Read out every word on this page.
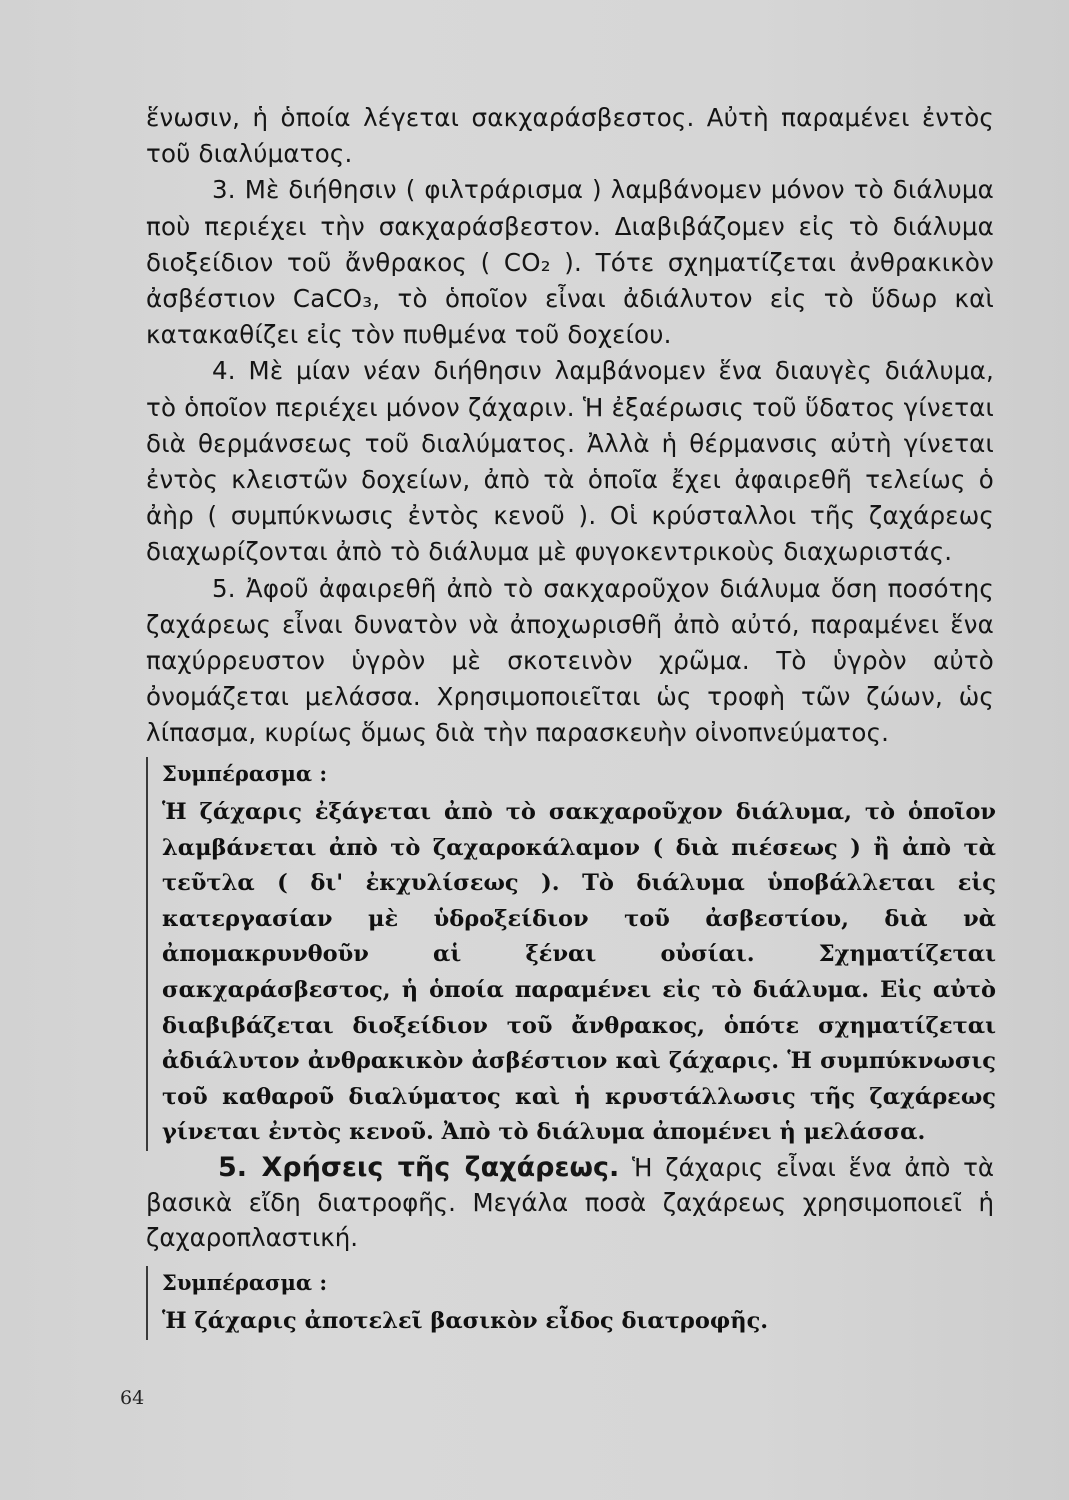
ἕνωσιν, ἡ ὁποία λέγεται σακχαράσβεστος. Αὐτὴ παραμένει ἐντὸς τοῦ διαλύματος.

3. Μὲ διήθησιν ( φιλτράρισμα ) λαμβάνομεν μόνον τὸ διάλυμα ποὺ περιέχει τὴν σακχαράσβεστον. Διαβιβάζομεν εἰς τὸ διάλυμα διοξείδιον τοῦ ἄνθρακος ( CO₂ ). Τότε σχηματίζεται ἀνθρακικὸν ἀσβέστιον CaCO₃, τὸ ὁποῖον εἶναι ἀδιάλυτον εἰς τὸ ὕδωρ καὶ κατακαθίζει εἰς τὸν πυθμένα τοῦ δοχείου.

4. Μὲ μίαν νέαν διήθησιν λαμβάνομεν ἕνα διαυγὲς διάλυμα, τὸ ὁποῖον περιέχει μόνον ζάχαριν. Ἡ ἐξαέρωσις τοῦ ὕδατος γίνεται διὰ θερμάνσεως τοῦ διαλύματος. Ἀλλὰ ἡ θέρμανσις αὐτὴ γίνεται ἐντὸς κλειστῶν δοχείων, ἀπὸ τὰ ὁποῖα ἔχει ἀφαιρεθῆ τελείως ὁ ἀὴρ ( συμπύκνωσις ἐντὸς κενοῦ ). Οἱ κρύσταλλοι τῆς ζαχάρεως διαχωρίζονται ἀπὸ τὸ διάλυμα μὲ φυγοκεντρικοὺς διαχωριστάς.

5. Ἀφοῦ ἀφαιρεθῆ ἀπὸ τὸ σακχαροῦχον διάλυμα ὅση ποσότης ζαχάρεως εἶναι δυνατὸν νὰ ἀποχωρισθῆ ἀπὸ αὐτό, παραμένει ἕνα παχύρρευστον ὑγρὸν μὲ σκοτεινὸν χρῶμα. Τὸ ὑγρὸν αὐτὸ ὀνομάζεται μελάσσα. Χρησιμοποιεῖται ὡς τροφὴ τῶν ζώων, ὡς λίπασμα, κυρίως ὅμως διὰ τὴν παρασκευὴν οἰνοπνεύματος.

Συμπέρασμα :

Ἡ ζάχαρις ἐξάγεται ἀπὸ τὸ σακχαροῦχον διάλυμα, τὸ ὁποῖον λαμβάνεται ἀπὸ τὸ ζαχαροκάλαμον ( διὰ πιέσεως ) ἢ ἀπὸ τὰ τεῦτλα ( δι' ἐκχυλίσεως ). Τὸ διάλυμα ὑποβάλλεται εἰς κατεργασίαν μὲ ὑδροξείδιον τοῦ ἀσβεστίου, διὰ νὰ ἀπομακρυνθοῦν αἱ ξέναι οὐσίαι. Σχηματίζεται σακχαράσβεστος, ἡ ὁποία παραμένει εἰς τὸ διάλυμα. Εἰς αὐτὸ διαβιβάζεται διοξείδιον τοῦ ἄνθρακος, ὁπότε σχηματίζεται ἀδιάλυτον ἀνθρακικὸν ἀσβέστιον καὶ ζάχαρις. Ἡ συμπύκνωσις τοῦ καθαροῦ διαλύματος καὶ ἡ κρυστάλλωσις τῆς ζαχάρεως γίνεται ἐντὸς κενοῦ. Ἀπὸ τὸ διάλυμα ἀπομένει ἡ μελάσσα.

5. Χρήσεις τῆς ζαχάρεως. Ἡ ζάχαρις εἶναι ἕνα ἀπὸ τὰ βασικὰ εἴδη διατροφῆς. Μεγάλα ποσὰ ζαχάρεως χρησιμοποιεῖ ἡ ζαχαροπλαστική.

Συμπέρασμα :

Ἡ ζάχαρις ἀποτελεῖ βασικὸν εἶδος διατροφῆς.

64
